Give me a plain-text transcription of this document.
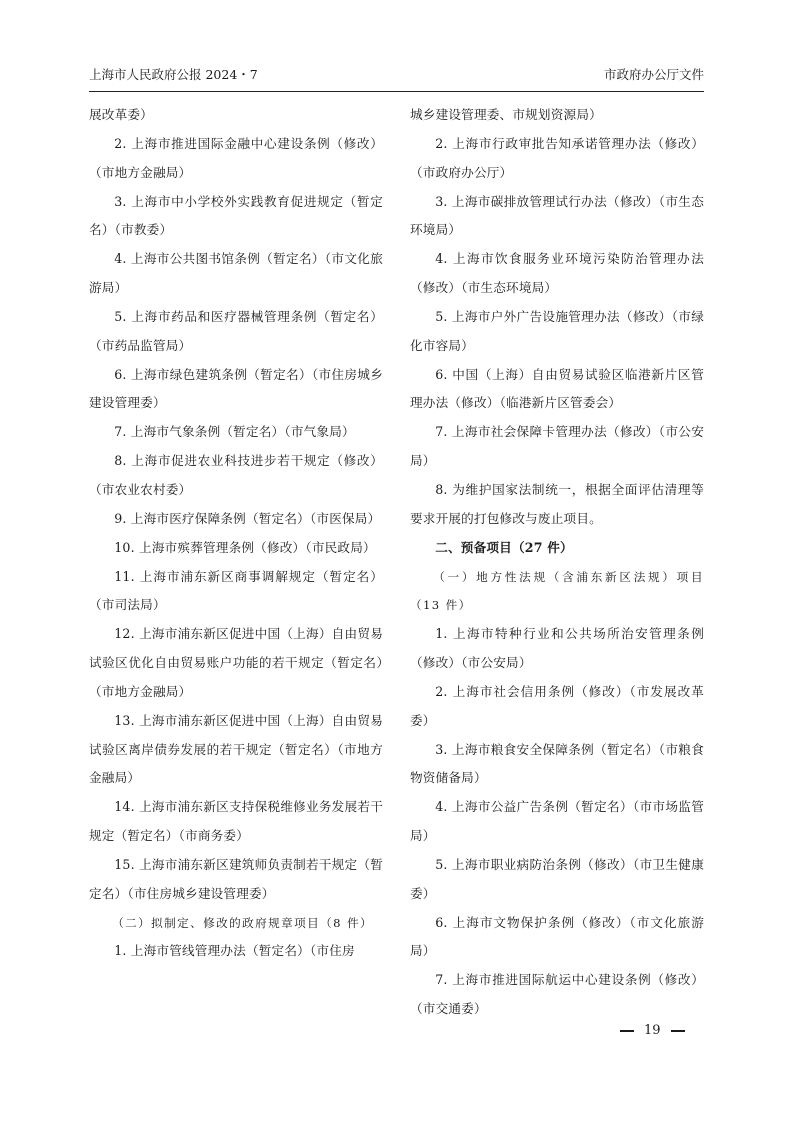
上海市人民政府公报 2024・7	市政府办公厅文件

展改革委）

2. 上海市推进国际金融中心建设条例（修改）（市地方金融局）

3. 上海市中小学校外实践教育促进规定（暂定名）（市教委）

4. 上海市公共图书馆条例（暂定名）（市文化旅游局）

5. 上海市药品和医疗器械管理条例（暂定名）（市药品监管局）

6. 上海市绿色建筑条例（暂定名）（市住房城乡建设管理委）

7. 上海市气象条例（暂定名）（市气象局）

8. 上海市促进农业科技进步若干规定（修改）（市农业农村委）

9. 上海市医疗保障条例（暂定名）（市医保局）

10. 上海市殡葬管理条例（修改）（市民政局）

11. 上海市浦东新区商事调解规定（暂定名）（市司法局）

12. 上海市浦东新区促进中国（上海）自由贸易试验区优化自由贸易账户功能的若干规定（暂定名）（市地方金融局）

13. 上海市浦东新区促进中国（上海）自由贸易试验区离岸债券发展的若干规定（暂定名）（市地方金融局）

14. 上海市浦东新区支持保税维修业务发展若干规定（暂定名）（市商务委）

15. 上海市浦东新区建筑师负责制若干规定（暂定名）（市住房城乡建设管理委）

（二）拟制定、修改的政府规章项目（8 件）

1. 上海市管线管理办法（暂定名）（市住房

城乡建设管理委、市规划资源局）

2. 上海市行政审批告知承诺管理办法（修改）（市政府办公厅）

3. 上海市碳排放管理试行办法（修改）（市生态环境局）

4. 上海市饮食服务业环境污染防治管理办法（修改）（市生态环境局）

5. 上海市户外广告设施管理办法（修改）（市绿化市容局）

6. 中国（上海）自由贸易试验区临港新片区管理办法（修改）（临港新片区管委会）

7. 上海市社会保障卡管理办法（修改）（市公安局）

8. 为维护国家法制统一，根据全面评估清理等要求开展的打包修改与废止项目。

二、预备项目（27 件）

（一）地方性法规（含浦东新区法规）项目（13 件）

1. 上海市特种行业和公共场所治安管理条例（修改）（市公安局）

2. 上海市社会信用条例（修改）（市发展改革委）

3. 上海市粮食安全保障条例（暂定名）（市粮食物资储备局）

4. 上海市公益广告条例（暂定名）（市市场监管局）

5. 上海市职业病防治条例（修改）（市卫生健康委）

6. 上海市文物保护条例（修改）（市文化旅游局）

7. 上海市推进国际航运中心建设条例（修改）（市交通委）

19
